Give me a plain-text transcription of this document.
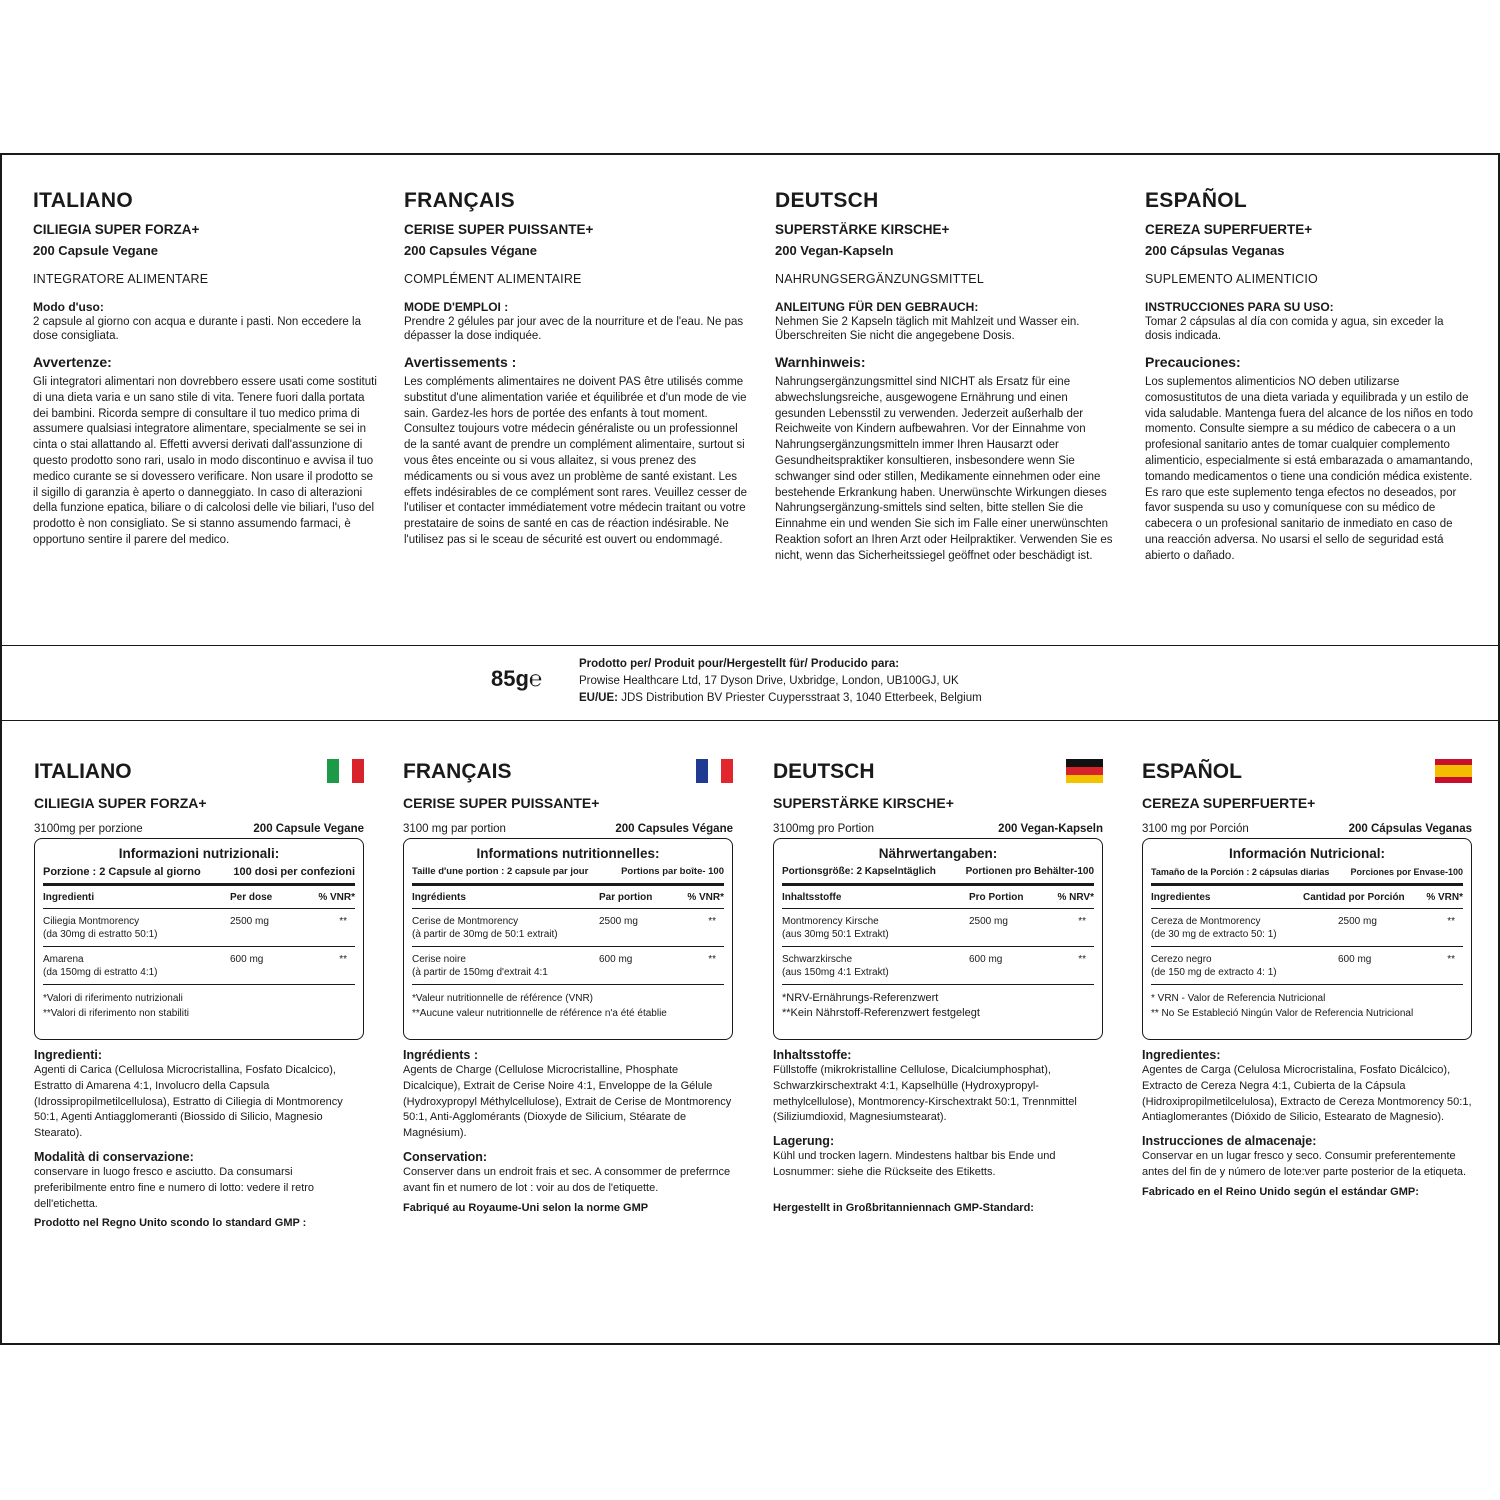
ITALIANO
CILIEGIA SUPER FORZA+
200 Capsule Vegane
INTEGRATORE ALIMENTARE
Modo d'uso:
2 capsule al giorno con acqua e durante i pasti. Non eccedere la dose consigliata.
Avvertenze:
Gli integratori alimentari non dovrebbero essere usati come sostituti di una dieta varia e un sano stile di vita. Tenere fuori dalla portata dei bambini. Ricorda sempre di consultare il tuo medico prima di assumere qualsiasi integratore alimentare, specialmente se sei in cinta o stai allattando al. Effetti avversi derivati dall'assunzione di questo prodotto sono rari, usalo in modo discontinuo e avvisa il tuo medico curante se si dovessero verificare. Non usare il prodotto se il sigillo di garanzia è aperto o danneggiato. In caso di alterazioni della funzione epatica, biliare o di calcolosi delle vie biliari, l'uso del prodotto è non consigliato. Se si stanno assumendo farmaci, è opportuno sentire il parere del medico.
FRANÇAIS
CERISE SUPER PUISSANTE+
200 Capsules Végane
COMPLÉMENT ALIMENTAIRE
MODE D'EMPLOI :
Prendre 2 gélules par jour avec de la nourriture et de l'eau. Ne pas dépasser la dose indiquée.
Avertissements :
Les compléments alimentaires ne doivent PAS être utilisés comme substitut d'une alimentation variée et équilibrée et d'un mode de vie sain. Gardez-les hors de portée des enfants à tout moment. Consultez toujours votre médecin généraliste ou un professionnel de la santé avant de prendre un complément alimentaire, surtout si vous êtes enceinte ou si vous allaitez, si vous prenez des médicaments ou si vous avez un problème de santé existant. Les effets indésirables de ce complément sont rares. Veuillez cesser de l'utiliser et contacter immédiatement votre médecin traitant ou votre prestataire de soins de santé en cas de réaction indésirable. Ne l'utilisez pas si le sceau de sécurité est ouvert ou endommagé.
DEUTSCH
SUPERSTÄRKE KIRSCHE+
200 Vegan-Kapseln
NAHRUNGSERGÄNZUNGSMITTEL
ANLEITUNG FÜR DEN GEBRAUCH:
Nehmen Sie 2 Kapseln täglich mit Mahlzeit und Wasser ein. Überschreiten Sie nicht die angegebene Dosis.
Warnhinweis:
Nahrungsergänzungsmittel sind NICHT als Ersatz für eine abwechslungsreiche, ausgewogene Ernährung und einen gesunden Lebensstil zu verwenden. Jederzeit außerhalb der Reichweite von Kindern aufbewahren. Vor der Einnahme von Nahrungsergänzungsmitteln immer Ihren Hausarzt oder Gesundheitspraktiker konsultieren, insbesondere wenn Sie schwanger sind oder stillen, Medikamente einnehmen oder eine bestehende Erkrankung haben. Unerwünschte Wirkungen dieses Nahrungsergänzung-smittels sind selten, bitte stellen Sie die Einnahme ein und wenden Sie sich im Falle einer unerwünschten Reaktion sofort an Ihren Arzt oder Heilpraktiker. Verwenden Sie es nicht, wenn das Sicherheitssiegel geöffnet oder beschädigt ist.
ESPAÑOL
CEREZA SUPERFUERTE+
200 Cápsulas Veganas
SUPLEMENTO ALIMENTICIO
INSTRUCCIONES PARA SU USO:
Tomar 2 cápsulas al día con comida y agua, sin exceder la dosis indicada.
Precauciones:
Los suplementos alimenticios NO deben utilizarse comosustitutos de una dieta variada y equilibrada y un estilo de vida saludable. Mantenga fuera del alcance de los niños en todo momento. Consulte siempre a su médico de cabecera o a un profesional sanitario antes de tomar cualquier complemento alimenticio, especialmente si está embarazada o amamantando, tomando medicamentos o tiene una condición médica existente. Es raro que este suplemento tenga efectos no deseados, por favor suspenda su uso y comuníquese con su médico de cabecera o un profesional sanitario de inmediato en caso de una reacción adversa. No usarsi el sello de seguridad está abierto o dañado.
85g℮
Prodotto per/ Produit pour/Hergestellt für/ Producido para:
Prowise Healthcare Ltd, 17 Dyson Drive, Uxbridge, London, UB100GJ, UK
EU/UE: JDS Distribution BV Priester Cuypersstraat 3, 1040 Etterbeek, Belgium
ITALIANO
CILIEGIA SUPER FORZA+
3100mg per porzione	200 Capsule Vegane
Informazioni nutrizionali:
Porzione : 2 Capsule al giorno	100 dosi per confezioni
Ingredienti	Per dose	% VNR*
Ciliegia Montmorency
(da 30mg di estratto 50:1)
2500 mg	**
Amarena
(da 150mg di estratto 4:1)
600 mg	**
*Valori di riferimento nutrizionali
**Valori di riferimento non stabiliti
Ingredienti:
Agenti di Carica (Cellulosa Microcristallina, Fosfato Dicalcico), Estratto di Amarena 4:1, Involucro della Capsula (Idrossipropilmetilcellulosa), Estratto di Ciliegia di Montmorency 50:1, Agenti Antiagglomeranti (Biossido di Silicio, Magnesio Stearato).
Modalità di conservazione:
conservare in luogo fresco e asciutto. Da consumarsi preferibilmente entro fine e numero di lotto: vedere il retro dell'etichetta.
Prodotto nel Regno Unito scondo lo standard GMP :
FRANÇAIS
CERISE SUPER PUISSANTE+
3100 mg par portion	200 Capsules Végane
Informations nutritionnelles:
Taille d'une portion : 2 capsule par jour	Portions par boîte- 100
Ingrédients	Par portion	% VNR*
Cerise de Montmorency
(à partir de 30mg de 50:1 extrait)
2500 mg	**
Cerise noire
(à partir de 150mg d'extrait 4:1
600 mg	**
*Valeur nutritionnelle de référence (VNR)
**Aucune valeur nutritionnelle de référence n'a été établie
Ingrédients :
Agents de Charge (Cellulose Microcristalline, Phosphate Dicalcique), Extrait de Cerise Noire 4:1, Enveloppe de la Gélule (Hydroxypropyl Méthylcellulose), Extrait de Cerise de Montmorency 50:1, Anti-Agglomérants (Dioxyde de Silicium, Stéarate de Magnésium).
Conservation:
Conserver dans un endroit frais et sec. A consommer de preferrnce avant fin et numero de lot : voir au dos de l'etiquette.
Fabriqué au Royaume-Uni selon la norme GMP
DEUTSCH
SUPERSTÄRKE KIRSCHE+
3100mg pro Portion	200 Vegan-Kapseln
Nährwertangaben:
Portionsgröße: 2 Kapselntäglich	Portionen pro Behälter-100
Inhaltsstoffe	Pro Portion	% NRV*
Montmorency Kirsche
(aus 30mg 50:1 Extrakt)
2500 mg	**
Schwarzkirsche
(aus 150mg 4:1 Extrakt)
600 mg	**
*NRV-Ernährungs-Referenzwert
**Kein Nährstoff-Referenzwert festgelegt
Inhaltsstoffe:
Füllstoffe (mikrokristalline Cellulose, Dicalciumphosphat), Schwarzkirschextrakt 4:1, Kapselhülle (Hydroxypropyl-methylcellulose), Montmorency-Kirschextrakt 50:1, Trennmittel (Siliziumdioxid, Magnesiumstearat).
Lagerung:
Kühl und trocken lagern. Mindestens haltbar bis Ende und Losnummer: siehe die Rückseite des Etiketts.
Hergestellt in Großbritanniennach GMP-Standard:
ESPAÑOL
CEREZA SUPERFUERTE+
3100 mg por Porción	200 Cápsulas Veganas
Información Nutricional:
Tamaño de la Porción : 2 cápsulas diarias Porciones por Envase-100
Ingredientes	Cantidad por Porción	% VRN*
Cereza de Montmorency
(de 30 mg de extracto 50: 1)
2500 mg	**
Cerezo negro
(de 150 mg de extracto 4: 1)
600 mg	**
* VRN - Valor de Referencia Nutricional
** No Se Estableció Ningún Valor de Referencia Nutricional
Ingredientes:
Agentes de Carga (Celulosa Microcristalina, Fosfato Dicálcico), Extracto de Cereza Negra 4:1, Cubierta de la Cápsula (Hidroxipropilmetilcelulosa), Extracto de Cereza Montmorency 50:1, Antiaglomerantes (Dióxido de Silicio, Estearato de Magnesio).
Instrucciones de almacenaje:
Conservar en un lugar fresco y seco. Consumir preferentemente antes del fin de y número de lote:ver parte posterior de la etiqueta.
Fabricado en el Reino Unido según el estándar GMP:
